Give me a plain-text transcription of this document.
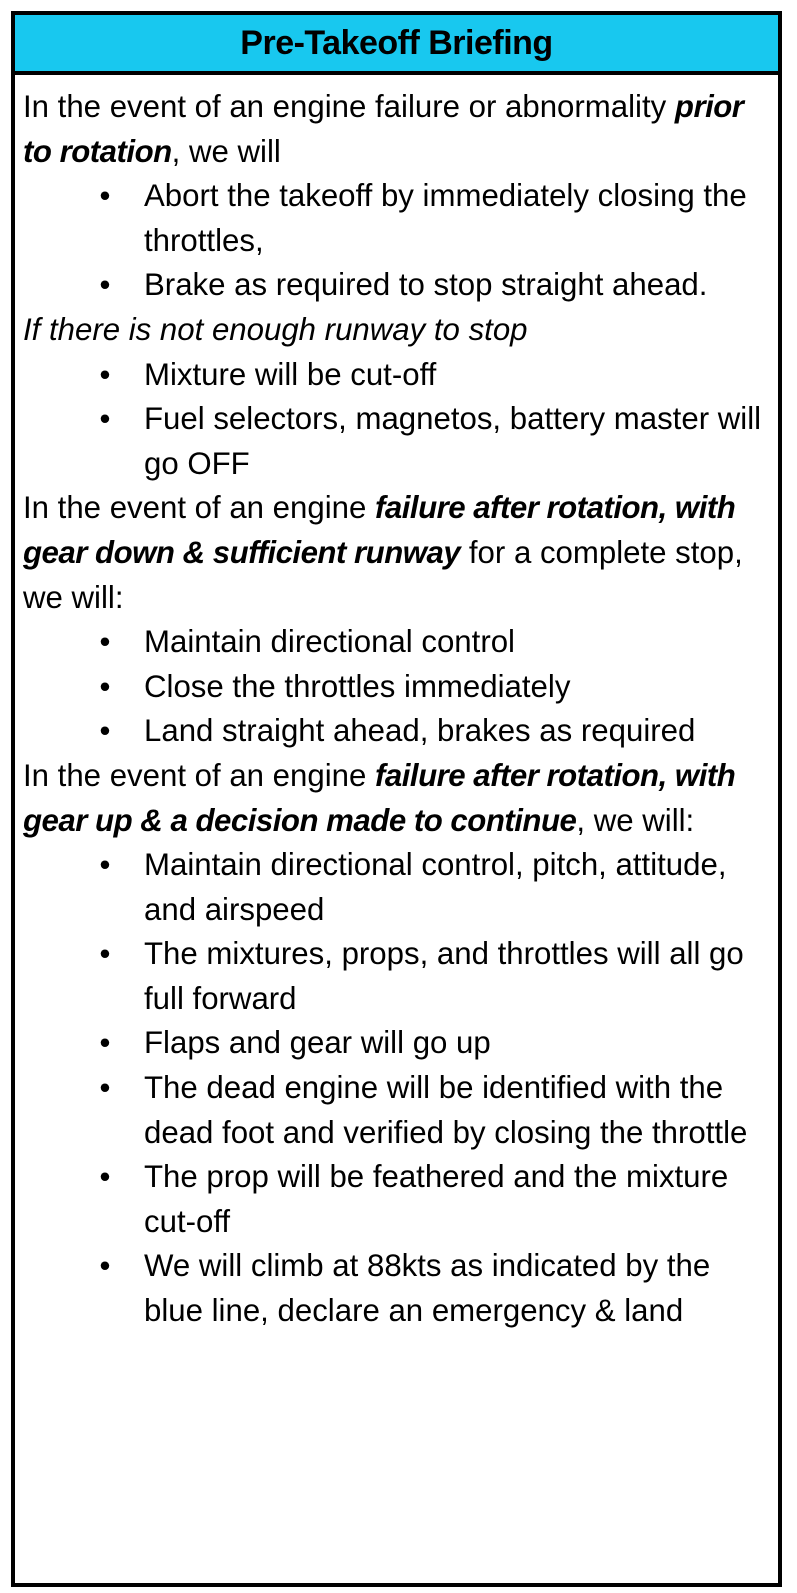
Pre-Takeoff Briefing

In the event of an engine failure or abnormality prior to rotation, we will

• Abort the takeoff by immediately closing the throttles,
• Brake as required to stop straight ahead.

If there is not enough runway to stop

• Mixture will be cut-off
• Fuel selectors, magnetos, battery master will go OFF

In the event of an engine failure after rotation, with gear down & sufficient runway for a complete stop, we will:

• Maintain directional control
• Close the throttles immediately
• Land straight ahead, brakes as required

In the event of an engine failure after rotation, with gear up & a decision made to continue, we will:

• Maintain directional control, pitch, attitude, and airspeed
• The mixtures, props, and throttles will all go full forward
• Flaps and gear will go up
• The dead engine will be identified with the dead foot and verified by closing the throttle
• The prop will be feathered and the mixture cut-off
• We will climb at 88kts as indicated by the blue line, declare an emergency & land
